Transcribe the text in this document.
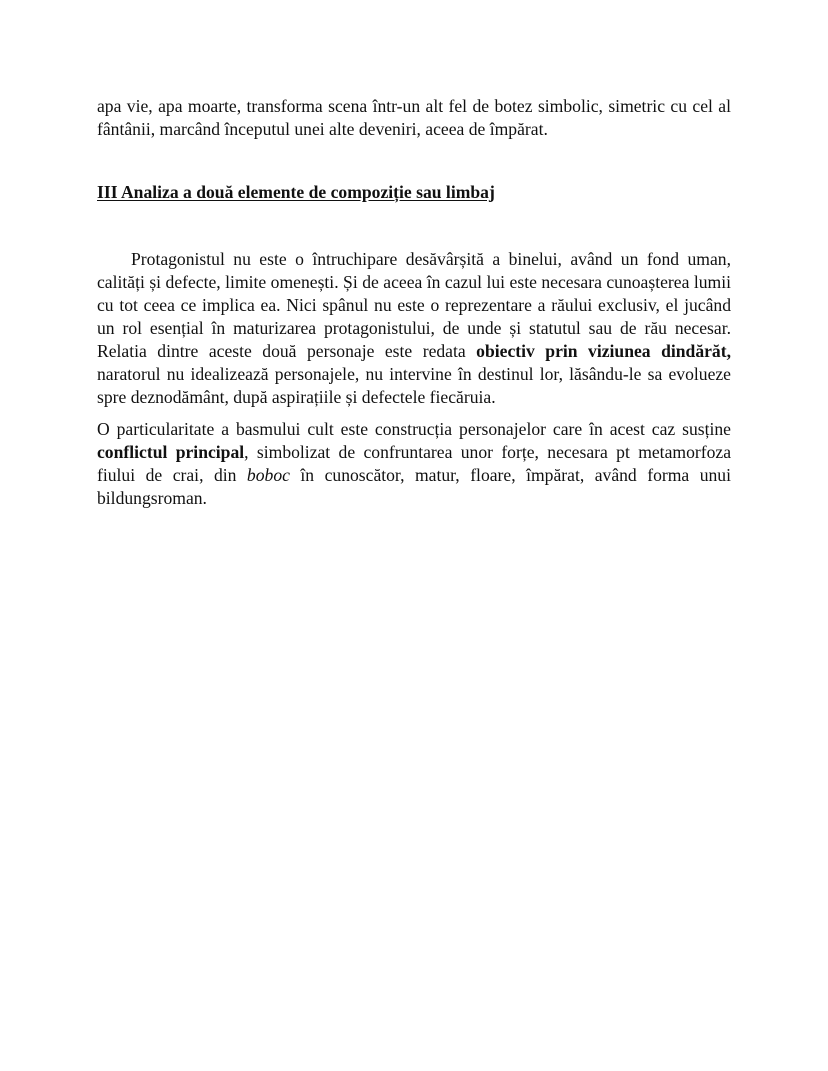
apa vie, apa moarte, transforma scena într-un alt fel de botez simbolic, simetric cu cel al fântânii, marcând începutul unei alte deveniri, aceea de împărat.

III Analiza a două elemente de compoziție sau limbaj

Protagonistul nu este o întruchipare desăvârșită a binelui, având un fond uman, calități și defecte, limite omenești. Și de aceea în cazul lui este necesara cunoașterea lumii cu tot ceea ce implica ea. Nici spânul nu este o reprezentare a răului exclusiv, el jucând un rol esențial în maturizarea protagonistului, de unde și statutul sau de rău necesar. Relatia dintre aceste două personaje este redata obiectiv prin viziunea dindărăt, naratorul nu idealizează personajele, nu intervine în destinul lor, lăsându-le sa evolueze spre deznodământ, după aspirațiile și defectele fiecăruia.

O particularitate a basmului cult este construcția personajelor care în acest caz susține conflictul principal, simbolizat de confruntarea unor forțe, necesara pt metamorfoza fiului de crai, din boboc în cunoscător, matur, floare, împărat, având forma unui bildungsroman.
